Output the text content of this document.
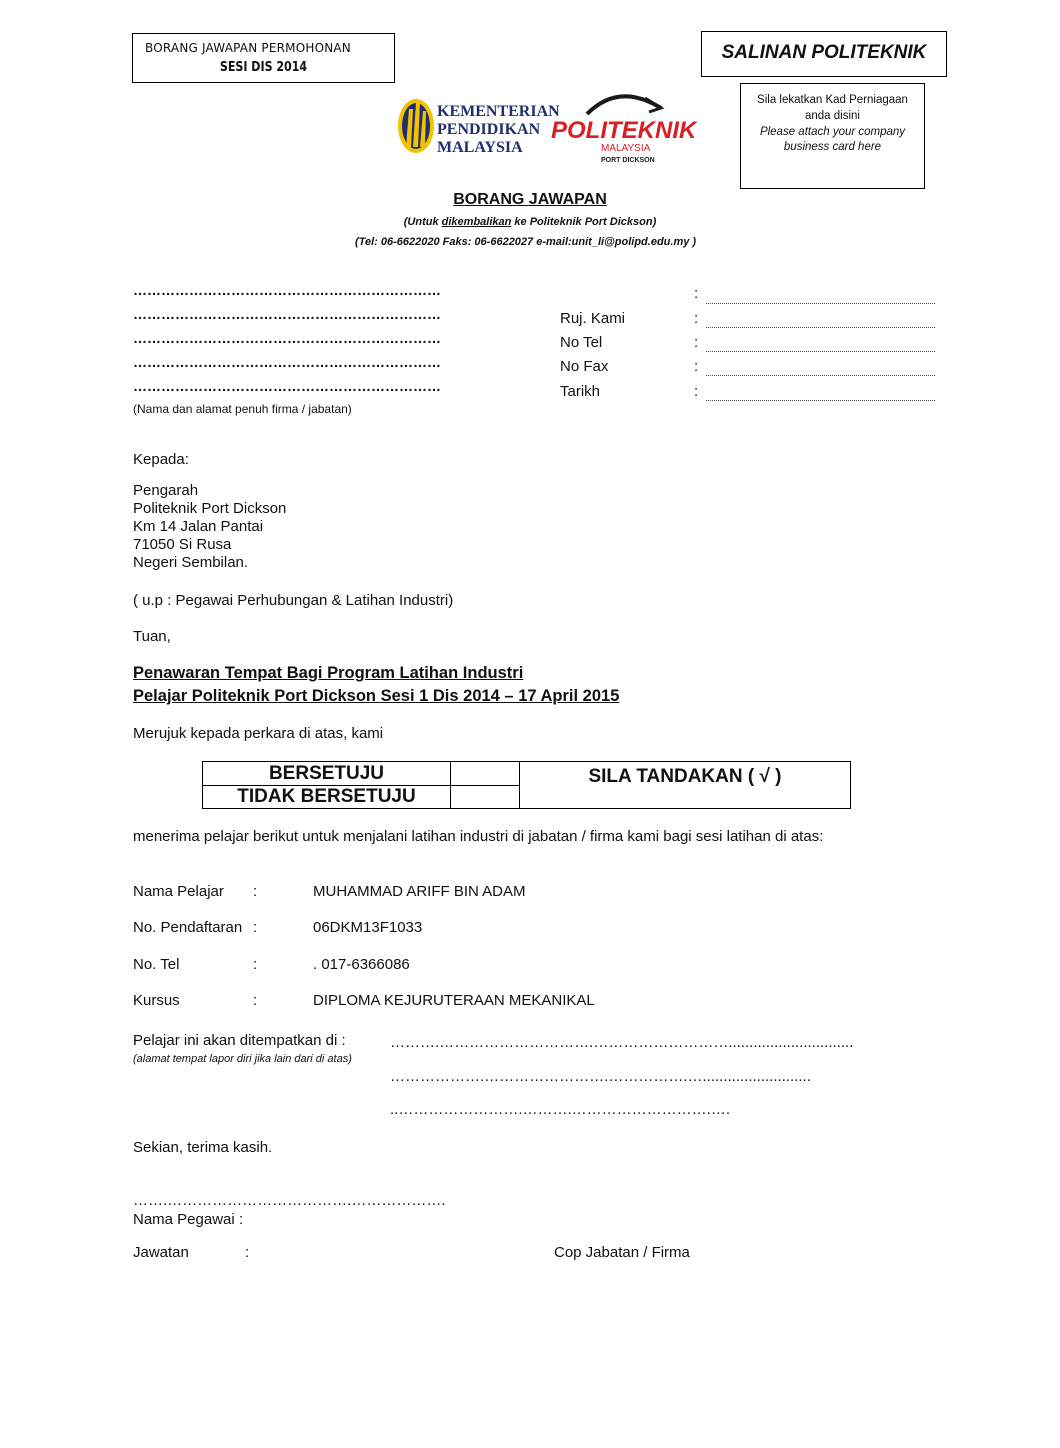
BORANG JAWAPAN PERMOHONAN
SESI DIS 2014
SALINAN POLITEKNIK
Sila lekatkan Kad Perniagaan anda disini
Please attach your company business card here
KEMENTERIAN
PENDIDIKAN
MALAYSIA
POLITEKNIK
MALAYSIA
PORT DICKSON
BORANG JAWAPAN
(Untuk dikembalikan ke Politeknik Port Dickson)
(Tel: 06-6622020 Faks: 06-6622027 e-mail:unit_li@polipd.edu.my )
…………………………………………………………
…………………………………………………………
…………………………………………………………
…………………………………………………………
…………………………………………………………
(Nama dan alamat penuh firma / jabatan)
:
Ruj. Kami	:
No Tel	:
No Fax	:
Tarikh	:
Kepada:
Pengarah
Politeknik Port Dickson
Km 14 Jalan Pantai
71050 Si Rusa
Negeri Sembilan.
( u.p : Pegawai Perhubungan & Latihan Industri)
Tuan,
Penawaran Tempat Bagi Program Latihan Industri
Pelajar Politeknik Port Dickson Sesi 1 Dis 2014 – 17 April 2015
Merujuk kepada perkara di atas, kami
BERSETUJU		SILA TANDAKAN ( √ )
TIDAK BERSETUJU		
menerima pelajar berikut untuk menjalani latihan industri di jabatan / firma kami bagi sesi latihan di atas:
Nama Pelajar :	MUHAMMAD ARIFF BIN ADAM
No. Pendaftaran :	06DKM13F1033
No. Tel	:	. 017-6366086
Kursus	:	DIPLOMA KEJURUTERAAN MEKANIKAL
Pelajar ini akan ditempatkan di :
(alamat tempat lapor diri jika lain dari di atas)
……….………………………….………………………..............................
……………….…………………….…………….…..........................
..…………………….……….……………………….….
Sekian, terima kasih.
…….……………………………….……………….
Nama Pegawai :
Jawatan	:	Cop Jabatan / Firma
